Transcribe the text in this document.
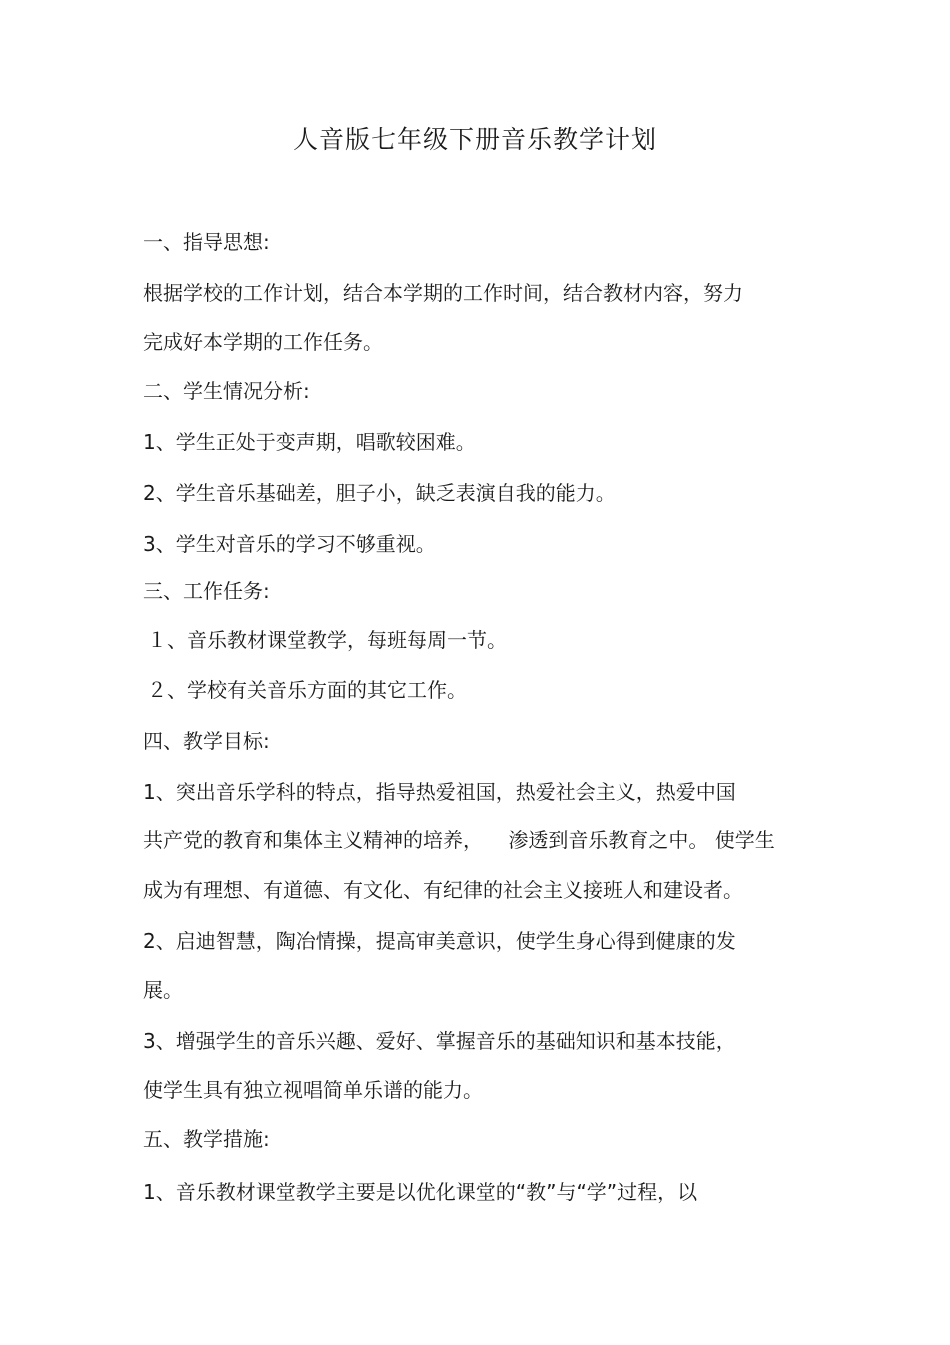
人音版七年级下册音乐教学计划
一、指导思想:
根据学校的工作计划，结合本学期的工作时间，结合教材内容，努力
完成好本学期的工作任务。
二、学生情况分析:
1、学生正处于变声期，唱歌较困难。
2、学生音乐基础差，胆子小，缺乏表演自我的能力。
3、学生对音乐的学习不够重视。
三、工作任务:
１、音乐教材课堂教学，每班每周一节。
２、学校有关音乐方面的其它工作。
四、教学目标:
1、突出音乐学科的特点，指导热爱祖国，热爱社会主义，热爱中国
共产党的教育和集体主义精神的培养，    渗透到音乐教育之中。 使学生
成为有理想、有道德、有文化、有纪律的社会主义接班人和建设者。
2、启迪智慧，陶冶情操，提高审美意识，使学生身心得到健康的发
展。
3、增强学生的音乐兴趣、爱好、掌握音乐的基础知识和基本技能，
使学生具有独立视唱简单乐谱的能力。
五、教学措施:
1、音乐教材课堂教学主要是以优化课堂的“教”与“学”过程，以
